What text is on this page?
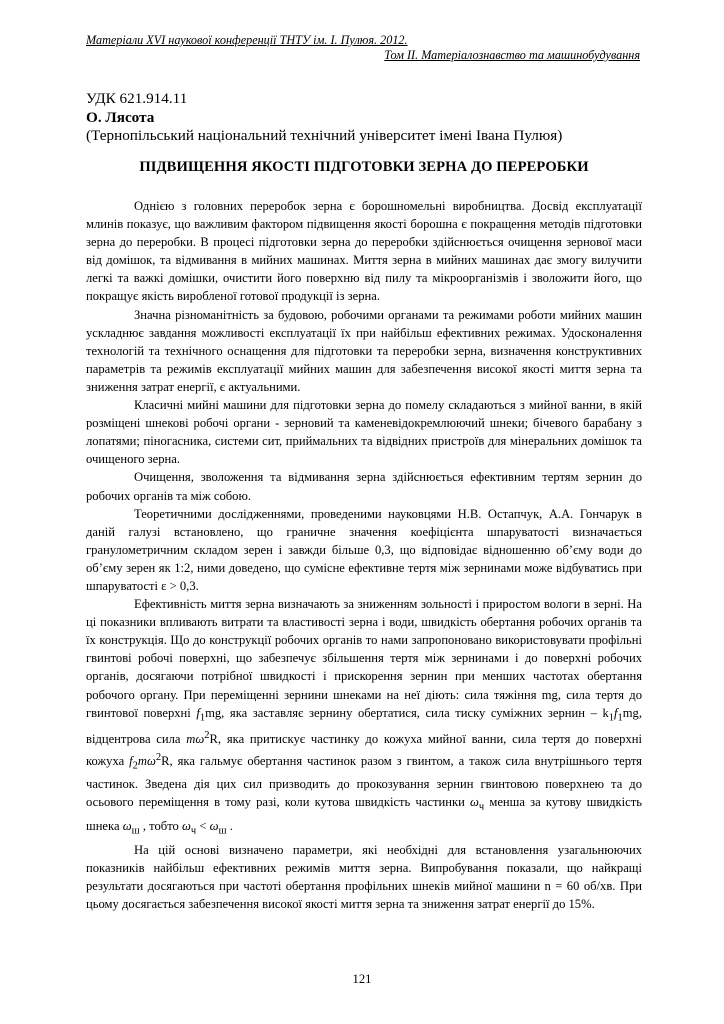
Матеріали XVI наукової конференції ТНТУ ім. І. Пулюя. 2012.
Том ІІ. Матеріалознавство та машинобудування
УДК 621.914.11
О. Лясота
(Тернопільський національний технічний університет імені Івана Пулюя)
ПІДВИЩЕННЯ ЯКОСТІ ПІДГОТОВКИ ЗЕРНА ДО ПЕРЕРОБКИ

Однією з головних переробок зерна є борошномельні виробництва. Досвід експлуатації млинів показує, що важливим фактором підвищення якості борошна є покращення методів підготовки зерна до переробки. В процесі підготовки зерна до переробки здійснюється очищення зернової маси від домішок, та відмивання в мийних машинах. Миття зерна в мийних машинах дає змогу вилучити легкі та важкі домішки, очистити його поверхню від пилу та мікроорганізмів і зволожити його, що покращує якість виробленої готової продукції із зерна.

Значна різноманітність за будовою, робочими органами та режимами роботи мийних машин ускладнює завдання можливості експлуатації їх при найбільш ефективних режимах. Удосконалення технологій та технічного оснащення для підготовки та переробки зерна, визначення конструктивних параметрів та режимів експлуатації мийних машин для забезпечення високої якості миття зерна та зниження затрат енергії, є актуальними.

Класичні мийні машини для підготовки зерна до помелу складаються з мийної ванни, в якій розміщені шнекові робочі органи - зерновий та каменевідокремлюючий шнеки; бічевого барабану з лопатями; піногасника, системи сит, приймальних та відвідних пристроїв для мінеральних домішок та очищеного зерна.

Очищення, зволоження та відмивання зерна здійснюється ефективним тертям зернин до робочих органів та між собою.

Теоретичними дослідженнями, проведеними науковцями Н.В. Остапчук, А.А. Гончарук в даній галузі встановлено, що граничне значення коефіцієнта шпаруватості визначається гранулометричним складом зерен і завжди більше 0,3, що відповідає відношенню об’єму води до об’єму зерен як 1:2, ними доведено, що сумісне ефективне тертя між зернинами може відбуватись при шпаруватості ε > 0,3.

Ефективність миття зерна визначають за зниженням зольності і приростом вологи в зерні. На ці показники впливають витрати та властивості зерна і води, швидкість обертання робочих органів та їх конструкція. Що до конструкції робочих органів то нами запропоновано використовувати профільні гвинтові робочі поверхні, що забезпечує збільшення тертя між зернинами і до поверхні робочих органів, досягаючи потрібної швидкості і прискорення зернин при менших частотах обертання робочого органу. При переміщенні зернини шнеками на неї діють: сила тяжіння mg, сила тертя до гвинтової поверхні $f_1mg$, яка заставляє зернину обертатися, сила тиску суміжних зернин – $k_1f_1mg$, відцентрова сила $m\omega^2R$, яка притискує частинку до кожуха мийної ванни, сила тертя до поверхні кожуха $f_2m\omega^2R$, яка гальмує обертання частинок разом з гвинтом, а також сила внутрішнього тертя частинок. Зведена дія цих сил призводить до прокозування зернин гвинтовою поверхнею та до осьового переміщення в тому разі, коли кутова швидкість частинки $\omega_ч$ менша за кутову швидкість шнека $\omega_ш$ , тобто $\omega_ч < \omega_ш$ .

На цій основі визначено параметри, які необхідні для встановлення узагальнюючих показників найбільш ефективних режимів миття зерна. Випробування показали, що найкращі результати досягаються при частоті обертання профільних шнеків мийної машини n = 60 об/хв. При цьому досягається забезпечення високої якості миття зерна та зниження затрат енергії до 15%.

121
